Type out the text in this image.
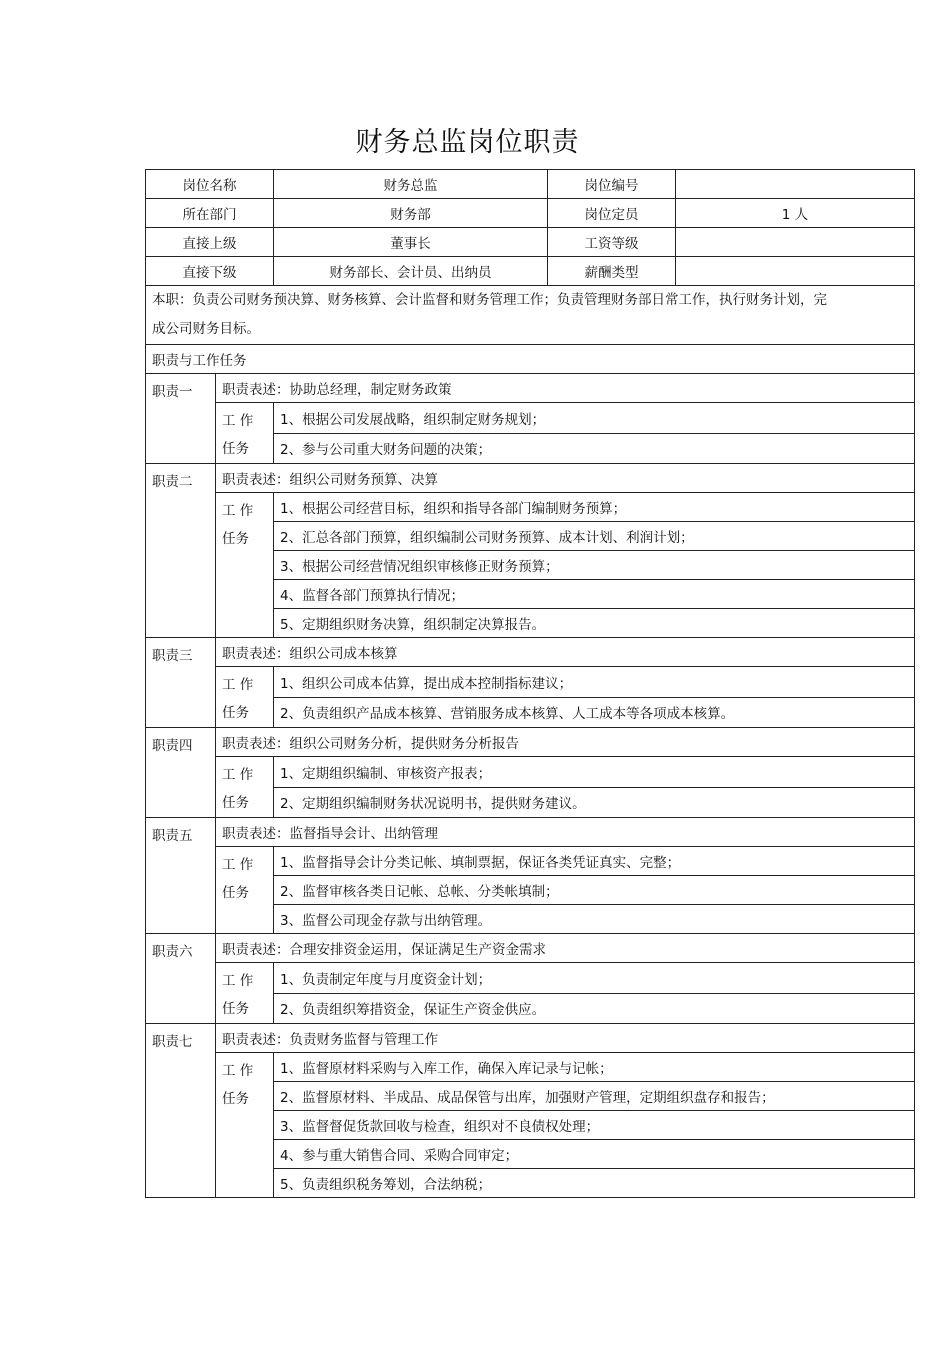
财务总监岗位职责
岗位名称		财务总监	岗位编号	
所在部门		财务部	岗位定员	1 人
直接上级		董事长	工资等级	
直接下级		财务部长、会计员、出纳员	薪酬类型	
本职：负责公司财务预决算、财务核算、会计监督和财务管理工作；负责管理财务部日常工作，执行财务计划，完成公司财务目标。				
职责与工作任务				
职责一	职责表述：协助总经理，制定财务政策			
	工 作 任务	1、根据公司发展战略，组织制定财务规划；		
		2、参与公司重大财务问题的决策；		
职责二	职责表述：组织公司财务预算、决算			
	工 作 任务	1、根据公司经营目标，组织和指导各部门编制财务预算；		
		2、汇总各部门预算，组织编制公司财务预算、成本计划、利润计划；		
		3、根据公司经营情况组织审核修正财务预算；		
		4、监督各部门预算执行情况；		
		5、定期组织财务决算，组织制定决算报告。		
职责三	职责表述：组织公司成本核算			
	工 作 任务	1、组织公司成本估算，提出成本控制指标建议；		
		2、负责组织产品成本核算、营销服务成本核算、人工成本等各项成本核算。		
职责四	职责表述：组织公司财务分析，提供财务分析报告			
	工 作 任务	1、定期组织编制、审核资产报表；		
		2、定期组织编制财务状况说明书，提供财务建议。		
职责五	职责表述：监督指导会计、出纳管理			
	工 作 任务	1、监督指导会计分类记帐、填制票据，保证各类凭证真实、完整；		
		2、监督审核各类日记帐、总帐、分类帐填制；		
		3、监督公司现金存款与出纳管理。		
职责六	职责表述：合理安排资金运用，保证满足生产资金需求			
	工 作 任务	1、负责制定年度与月度资金计划；		
		2、负责组织筹措资金，保证生产资金供应。		
职责七	职责表述：负责财务监督与管理工作			
	工 作 任务	1、监督原材料采购与入库工作，确保入库记录与记帐；		
		2、监督原材料、半成品、成品保管与出库，加强财产管理，定期组织盘存和报告；		
		3、监督督促货款回收与检查，组织对不良债权处理；		
		4、参与重大销售合同、采购合同审定；		
		5、负责组织税务筹划，合法纳税；		
